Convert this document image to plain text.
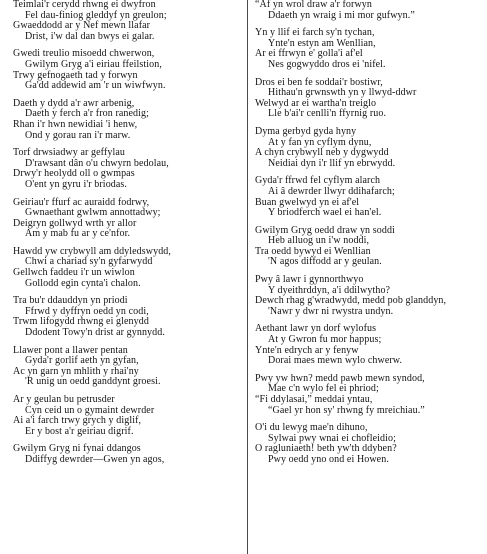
Teimlai'r cerydd rhwng ei dwyfron
Fel dau-finiog gleddyf yn greulon;
Gwaeddodd ar y Nef mewn llafar
Drist, i'w dal dan bwys ei galar.
Gwedi treulio misoedd chwerwon,
Gwilym Gryg a'i eiriau ffeilstion,
Trwy gefnogaeth tad y forwyn
Ga'dd addewid am 'r un wiwfwyn.
Daeth y dydd a'r awr arbenig,
Daeth y ferch a'r fron ranedig;
Rhan i'r hwn newidiai 'i henw,
Ond y gorau ran i'r marw.
Torf drwsiadwy ar geffylau
D'rawsant dân o'u chwyrn bedolau,
Drwy'r heolydd oll o gwmpas
O'ent yn gyru i'r briodas.
Geiriau'r ffurf ac auraidd fodrwy,
Gwnaethant gwlwm annottadwy;
Deigryn gollwyd wrth yr allor
Am y mab fu ar y ce'nfor.
Hawdd yw crybwyll am ddyledswydd,
Chwi a chariad sy'n gyfarwydd
Gellwch faddeu i'r un wiwlon
Gollodd egin cynta'i chalon.
Tra bu'r ddauddyn yn priodi
Ffrwd y dyffryn oedd yn codi,
Trwm lifogydd rhwng ei glenydd
Ddodent Towy'n drist ar gynnydd.
Llawer pont a llawer pentan
Gyda'r gorlif aeth yn gyfan,
Ac yn garn yn mhlith y rhai'ny
'R unig un oedd ganddynt groesi.
Ar y geulan bu petrusder
Cyn ceid un o gymaint dewrder
Ai a'i farch trwy grych y diglif,
Er y bost a'r geiriau digrif.
Gwilym Gryg ni fynai ddangos
Ddiffyg dewrder—Gwen yn agos,
“Af yn wrol draw a'r forwyn
Ddaeth yn wraig i mi mor gufwyn.”
Yn y llif ei farch sy'n tychan,
Ynte'n estyn am Wenllian,
Ar ei ffrwyn e' golla'i af'el
Nes gogwyddo dros ei 'nifel.
Dros ei ben fe soddai'r bostiwr,
Hithau'n grwnswth yn y llwyd-ddwr
Welwyd ar ei wartha'n treiglo
Lle b'ai'r cenlli'n ffyrnig ruo.
Dyma gerbyd gyda hyny
At y fan yn cyflym dynu,
A chyn crybwyll neb y dygwydd
Neidiai dyn i'r llif yn ebrwydd.
Gyda'r ffrwd fel cyflym alarch
Ai â dewrder llwyr ddihafarch;
Buan gwelwyd yn ei af'el
Y briodferch wael ei han'el.
Gwilym Gryg oedd draw yn soddi
Heb alluog un i'w noddi,
Tra oedd bywyd ei Wenllian
'N agos diffodd ar y geulan.
Pwy â lawr i gynnorthwyo
Y dyeithrddyn, a'i ddilwytho?
Dewch rhag g'wradwydd, medd pob glanddyn,
'Nawr y dwr ni rwystra undyn.
Aethant lawr yn dorf wylofus
At y Gwron fu mor happus;
Ynte'n edrych ar y fenyw
Dorai maes mewn wylo chwerw.
Pwy yw hwn? medd pawb mewn syndod,
Mae c'n wylo fel ei phriod;
“Fi ddylasai,” meddai yntau,
“Gael yr hon sy' rhwng fy mreichiau.”
O'i du lewyg mae'n dihuno,
Sylwai pwy wnai ei chofleidio;
O ragluniaeth! beth yw'th ddyben?
Pwy oedd yno ond ei Howen.
